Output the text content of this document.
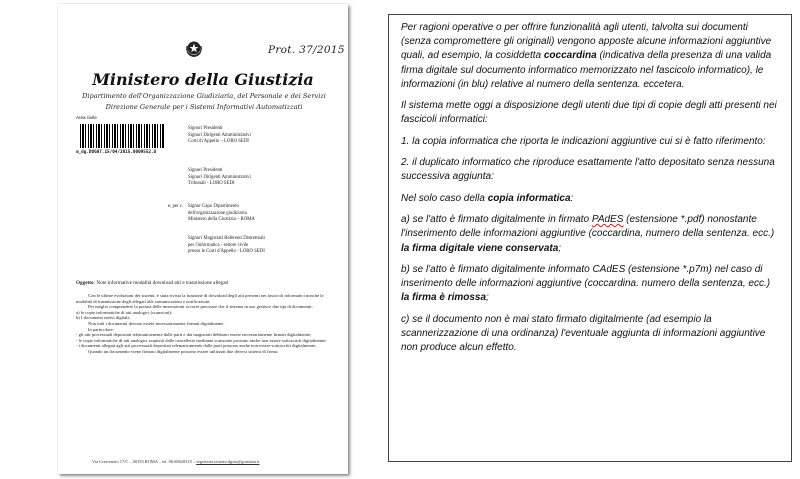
Prot. 37/2015
Ministero della Giustizia
Dipartimento dell'Organizzazione Giudiziaria, del Personale e dei Servizi
Direzione Generale per i Sistemi Informativi Automatizzati
Area civile
m_dg.DOG07.15/04/2015.0009552.U
Signori Presidenti
Signori Dirigenti Amministrativi
Corti di Appello – LORO SEDI
Signori Presidenti
Signori Dirigenti Amministrativi
Tribunali - LORO SEDI
e, per c. Signor Capo Dipartimento
dell'organizzazione giudiziaria
Ministero della Giustizia – ROMA
Signori Magistrati Referenti Distrettuali
per l'informatica - settore civile
presso le Corti d'Appello - LORO SEDI
Oggetto: Note informative modalità download atti e trasmissione allegati

Con le ultime evoluzioni dei sistemi, è stata rivista la funzione di download degli atti presenti nei fascicoli informatici nonché le modalità di trasmissione degli allegati alle comunicazioni e notificazioni.

Per meglio comprendere la portata delle innovazioni occorre precisare che il sistema in uso gestisce due tipi di documenti:

a) le copie informatiche di atti analogici (scansioni);

b) I documenti nativi digitali;

Non tutti i documenti devono essere necessariamente firmati digitalmente.

In particolare:

- gli atti processuali depositati telematicamente dalle parti e dai magistrati debbono essere necessariamente firmati digitalmente;

- le copie informatiche di atti analogici acquisiti dalle cancellerie mediante scansione possono anche non essere sottoscritti digitalmente;

- i documenti allegati agli atti processuali depositati telematicamente dalle parti possono anche non essere sottoscritti digitalmente;

Quando un documento viene firmato digitalmente possono essere utilizzati due diversi sistemi di firma:

Via Crescenzio 17/C – 00193 ROMA – tel. 06.68620319 – segreteria.sistemi.dgsia@giustizia.it

Per ragioni operative o per offrire funzionalità agli utenti, talvolta sui documenti (senza compromettere gli originali) vengono apposte alcune informazioni aggiuntive quali, ad esempio, la cosiddetta coccardina (indicativa della presenza di una valida firma digitale sul documento informatico memorizzato nel fascicolo informatico), le informazioni (in blu) relative al numero della sentenza. eccetera.

Il sistema mette oggi a disposizione degli utenti due tipi di copie degli atti presenti nei fascicoli informatici:

1. la copia informatica che riporta le indicazioni aggiuntive cui si è fatto riferimento:

2. il duplicato informatico che riproduce esattamente l'atto depositato senza nessuna successiva aggiunta:

Nel solo caso della copia informatica:

a) se l'atto è firmato digitalmente in firmato PAdES (estensione *.pdf) nonostante l'inserimento delle informazioni aggiuntive (coccardina, numero della sentenza. ecc.) la firma digitale viene conservata;

b) se l'atto è firmato digitalmente informato CAdES (estensione *.p7m) nel caso di inserimento delle informazioni aggiuntive (coccardina. numero della sentenza, ecc.) la firma è rimossa;

c) se il documento non è mai stato firmato digitalmente (ad esempio la scannerizzazione di una ordinanza) l'eventuale aggiunta di informazioni aggiuntive non produce alcun effetto.
